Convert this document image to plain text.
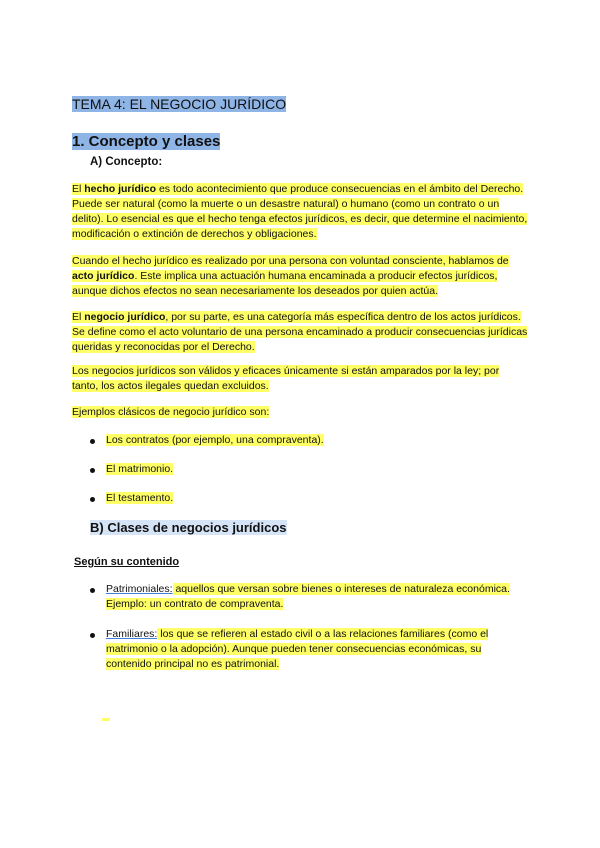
TEMA 4: EL NEGOCIO JURÍDICO
1. Concepto y clases
A) Concepto:

El hecho jurídico es todo acontecimiento que produce consecuencias en el ámbito del Derecho. Puede ser natural (como la muerte o un desastre natural) o humano (como un contrato o un delito). Lo esencial es que el hecho tenga efectos jurídicos, es decir, que determine el nacimiento, modificación o extinción de derechos y obligaciones.

Cuando el hecho jurídico es realizado por una persona con voluntad consciente, hablamos de acto jurídico. Este implica una actuación humana encaminada a producir efectos jurídicos, aunque dichos efectos no sean necesariamente los deseados por quien actúa.

El negocio jurídico, por su parte, es una categoría más específica dentro de los actos jurídicos. Se define como el acto voluntario de una persona encaminado a producir consecuencias jurídicas queridas y reconocidas por el Derecho.

Los negocios jurídicos son válidos y eficaces únicamente si están amparados por la ley; por tanto, los actos ilegales quedan excluidos.

Ejemplos clásicos de negocio jurídico son:

Los contratos (por ejemplo, una compraventa).
El matrimonio.
El testamento.
B) Clases de negocios jurídicos

Según su contenido

Patrimoniales: aquellos que versan sobre bienes o intereses de naturaleza económica. Ejemplo: un contrato de compraventa.
Familiares: los que se refieren al estado civil o a las relaciones familiares (como el matrimonio o la adopción). Aunque pueden tener consecuencias económicas, su contenido principal no es patrimonial.
